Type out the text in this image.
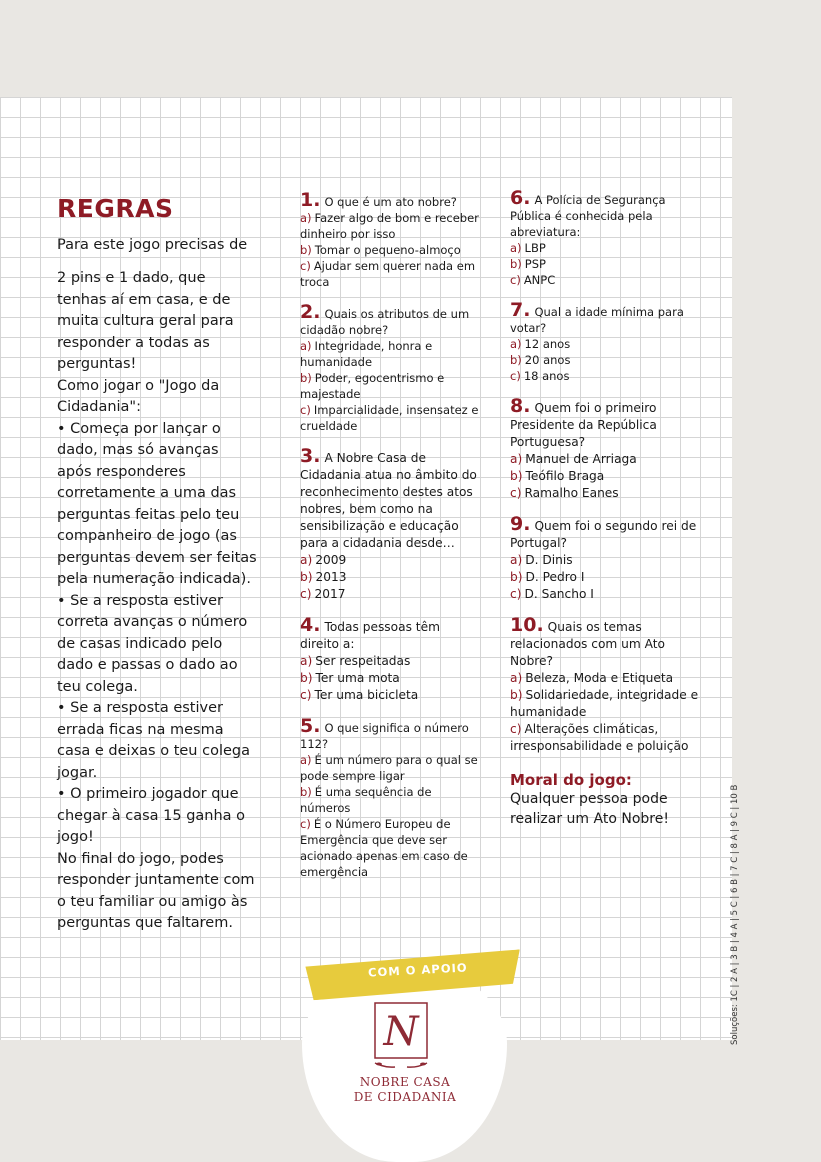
REGRAS
Para este jogo precisas de
2 pins e 1 dado, que tenhas aí em casa, e de muita cultura geral para responder a todas as perguntas!
Como jogar o "Jogo da Cidadania":
• Começa por lançar o dado, mas só avanças após responderes corretamente a uma das perguntas feitas pelo teu companheiro de jogo (as perguntas devem ser feitas pela numeração indicada).
• Se a resposta estiver correta avanças o número de casas indicado pelo dado e passas o dado ao teu colega.
• Se a resposta estiver errada ficas na mesma casa e deixas o teu colega jogar.
• O primeiro jogador que chegar à casa 15 ganha o jogo!
No final do jogo, podes responder juntamente com o teu familiar ou amigo às perguntas que faltarem.
1. O que é um ato nobre?
a) Fazer algo de bom e receber dinheiro por isso
b) Tomar o pequeno-almoço
c) Ajudar sem querer nada em troca
2. Quais os atributos de um cidadão nobre?
a) Integridade, honra e humanidade
b) Poder, egocentrismo e majestade
c) Imparcialidade, insensatez e crueldade
3. A Nobre Casa de Cidadania atua no âmbito do reconhecimento destes atos nobres, bem como na sensibilização e educação para a cidadania desde…
a) 2009
b) 2013
c) 2017
4. Todas pessoas têm direito a:
a) Ser respeitadas
b) Ter uma mota
c) Ter uma bicicleta
5. O que significa o número 112?
a) É um número para o qual se pode sempre ligar
b) É uma sequência de números
c) É o Número Europeu de Emergência que deve ser acionado apenas em caso de emergência
6. A Polícia de Segurança Pública é conhecida pela abreviatura:
a) LBP
b) PSP
c) ANPC
7. Qual a idade mínima para votar?
a) 12 anos
b) 20 anos
c) 18 anos
8. Quem foi o primeiro Presidente da República Portuguesa?
a) Manuel de Arriaga
b) Teófilo Braga
c) Ramalho Eanes
9. Quem foi o segundo rei de Portugal?
a) D. Dinis
b) D. Pedro I
c) D. Sancho I
10. Quais os temas relacionados com um Ato Nobre?
a) Beleza, Moda e Etiqueta
b) Solidariedade, integridade e humanidade
c) Alterações climáticas, irresponsabilidade e poluição
Moral do jogo:
Qualquer pessoa pode realizar um Ato Nobre!	Soluções: 1C | 2 A | 3 B | 4 A | 5 C | 6 B | 7 C | 8 A | 9 C | 10 B
COM O APOIO
N
NOBRE CASA
DE CIDADANIA
